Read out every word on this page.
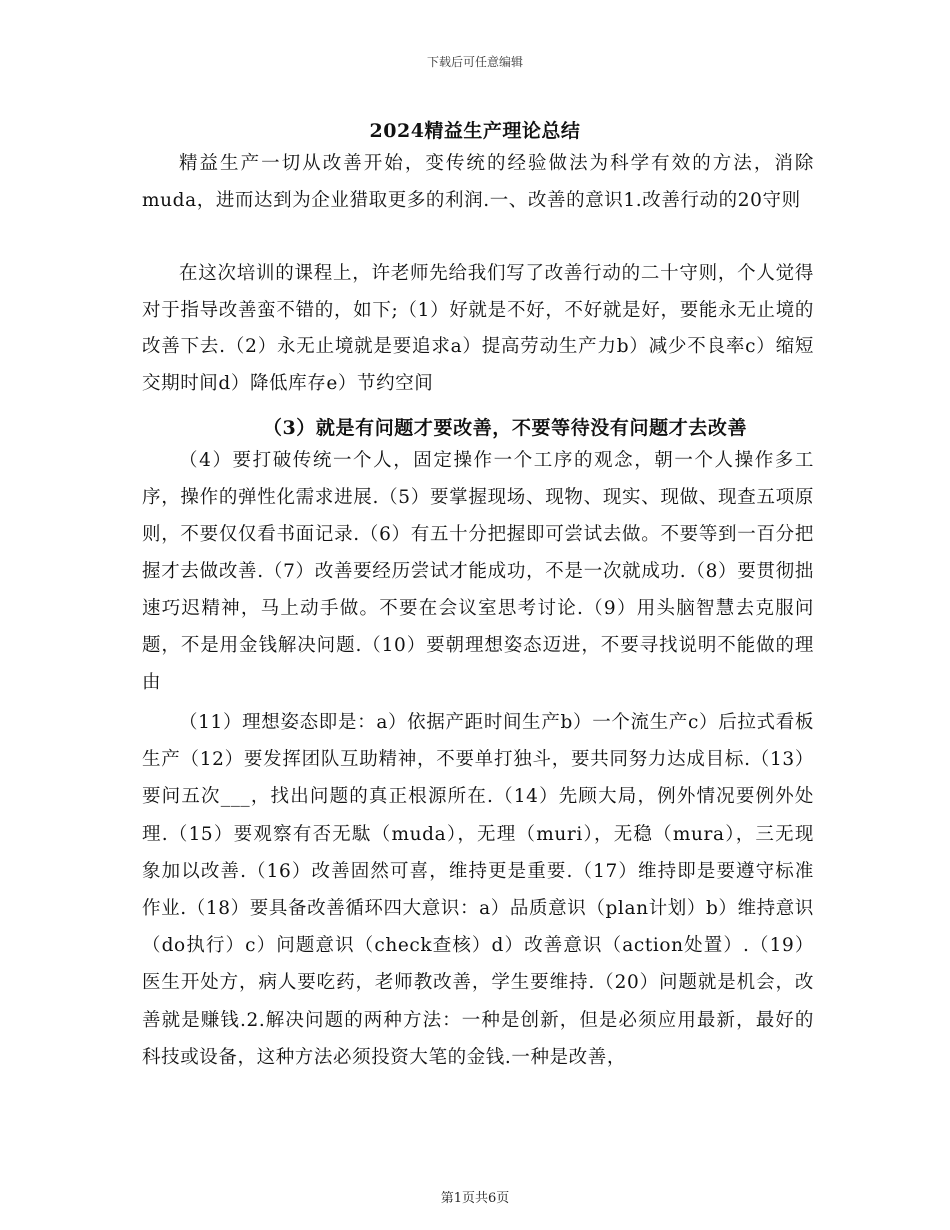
下载后可任意编辑
2024精益生产理论总结

精益生产一切从改善开始，变传统的经验做法为科学有效的方法，消除muda，进而达到为企业猎取更多的利润.一、改善的意识1.改善行动的20守则

在这次培训的课程上，许老师先给我们写了改善行动的二十守则，个人觉得对于指导改善蛮不错的，如下;（1）好就是不好，不好就是好，要能永无止境的改善下去.（2）永无止境就是要追求a）提高劳动生产力b）减少不良率c）缩短交期时间d）降低库存e）节约空间

（3）就是有问题才要改善，不要等待没有问题才去改善

（4）要打破传统一个人，固定操作一个工序的观念，朝一个人操作多工序，操作的弹性化需求进展.（5）要掌握现场、现物、现实、现做、现查五项原则，不要仅仅看书面记录.（6）有五十分把握即可尝试去做。不要等到一百分把握才去做改善.（7）改善要经历尝试才能成功，不是一次就成功.（8）要贯彻拙速巧迟精神，马上动手做。不要在会议室思考讨论.（9）用头脑智慧去克服问题，不是用金钱解决问题.（10）要朝理想姿态迈进，不要寻找说明不能做的理由

（11）理想姿态即是：a）依据产距时间生产b）一个流生产c）后拉式看板生产（12）要发挥团队互助精神，不要单打独斗，要共同努力达成目标.（13）要问五次___，找出问题的真正根源所在.（14）先顾大局，例外情况要例外处理.（15）要观察有否无駄（muda），无理（muri），无稳（mura），三无现象加以改善.（16）改善固然可喜，维持更是重要.（17）维持即是要遵守标准作业.（18）要具备改善循环四大意识：a）品质意识（plan计划）b）维持意识（do执行）c）问题意识（check查核）d）改善意识（action处置）.（19）医生开处方，病人要吃药，老师教改善，学生要维持.（20）问题就是机会，改善就是赚钱.2.解决问题的两种方法：一种是创新，但是必须应用最新，最好的科技或设备，这种方法必须投资大笔的金钱.一种是改善，

第1页共6页
